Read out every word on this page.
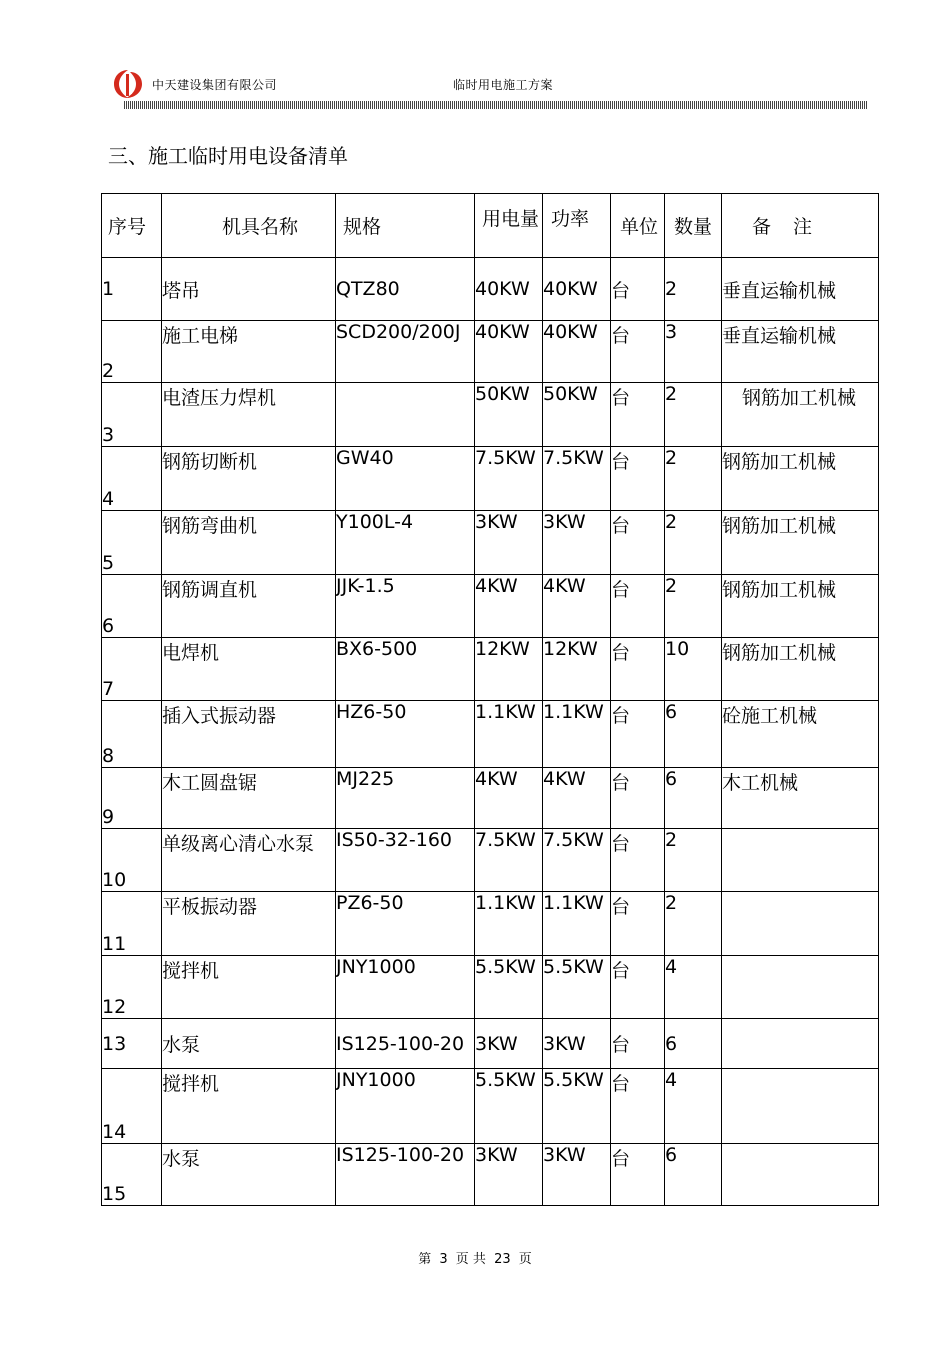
中天建设集团有限公司	临时用电施工方案
三、施工临时用电设备清单
序号	机具名称	规格	用电量	功率	单位	数量	备注
1	塔吊	QTZ80	40KW	40KW	台	2	垂直运输机械
2	施工电梯	SCD200/200J	40KW	40KW	台	3	垂直运输机械
3	电渣压力焊机		50KW	50KW	台	2	钢筋加工机械
4	钢筋切断机	GW40	7.5KW	7.5KW	台	2	钢筋加工机械
5	钢筋弯曲机	Y100L-4	3KW	3KW	台	2	钢筋加工机械
6	钢筋调直机	JJK-1.5	4KW	4KW	台	2	钢筋加工机械
7	电焊机	BX6-500	12KW	12KW	台	10	钢筋加工机械
8	插入式振动器	HZ6-50	1.1KW	1.1KW	台	6	砼施工机械
9	木工圆盘锯	MJ225	4KW	4KW	台	6	木工机械
10	单级离心清心水泵	IS50-32-160	7.5KW	7.5KW	台	2	
11	平板振动器	PZ6-50	1.1KW	1.1KW	台	2	
12	搅拌机	JNY1000	5.5KW	5.5KW	台	4	
13	水泵	IS125-100-20	3KW	3KW	台	6	
14	搅拌机	JNY1000	5.5KW	5.5KW	台	4	
15	水泵	IS125-100-20	3KW	3KW	台	6	
第 3 页 共 23 页
